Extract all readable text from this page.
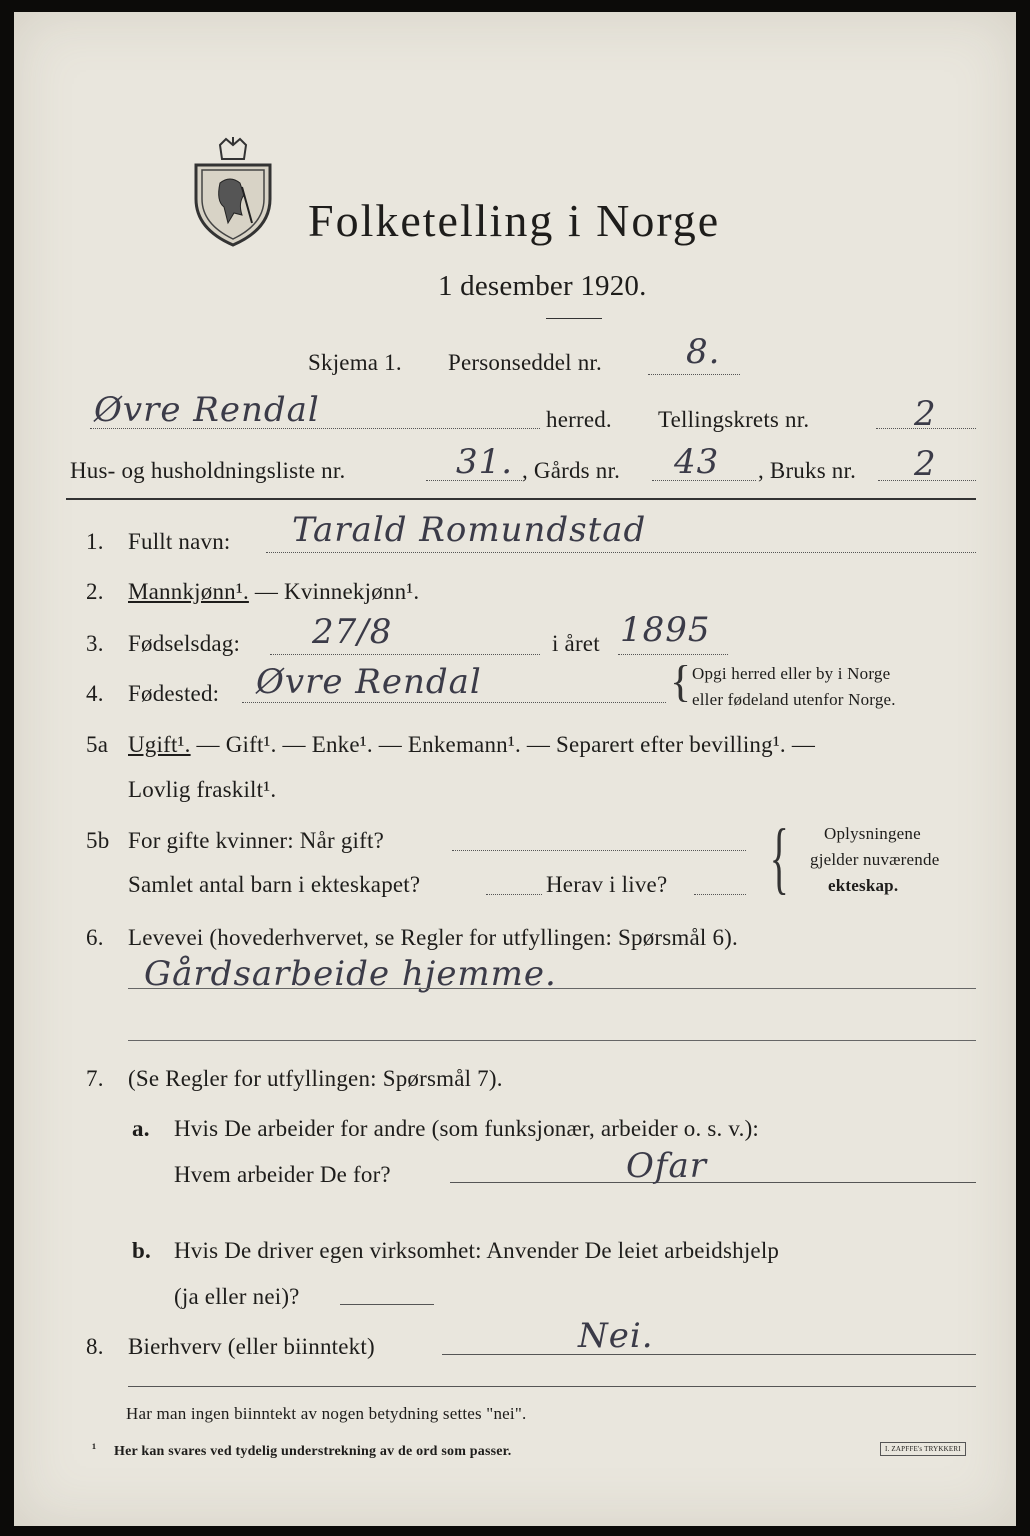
Folketelling i Norge
1 desember 1920.
Skjema 1. Personseddel nr. 8.
Øvre Rendal	herred. Tellingskrets nr.	2
Hus- og husholdningsliste nr.	31. , Gårds nr. 43 , Bruks nr. 2
1. Fullt navn: Tarald Romundstad
2. Mannkjønn¹. — Kvinnekjønn¹.
3. Fødselsdag: 27/8	i året 1895
4. Fødested: Øvre Rendal	{ Opgi herred eller by i Norge
eller fødeland utenfor Norge.
5a Ugift¹. — Gift¹. — Enke¹. — Enkemann¹. — Separert efter bevilling¹. —
Lovlig fraskilt¹.
5b For gifte kvinner: Når gift?
Samlet antal barn i ekteskapet?	Herav i live? { Oplysningene
gjelder nuværende
ekteskap.
6. Levevei (hovederhvervet, se Regler for utfyllingen: Spørsmål 6).
Gårdsarbeide hjemme.
7. (Se Regler for utfyllingen: Spørsmål 7).
a. Hvis De arbeider for andre (som funksjonær, arbeider o. s. v.):
Hvem arbeider De for?	Ofar
b. Hvis De driver egen virksomhet: Anvender De leiet arbeidshjelp
(ja eller nei)?
8. Bierhverv (eller biinntekt)	Nei.
Har man ingen biinntekt av nogen betydning settes "nei".
¹ Her kan svares ved tydelig understrekning av de ord som passer.	I. ZAPFFE's TRYKKERI
